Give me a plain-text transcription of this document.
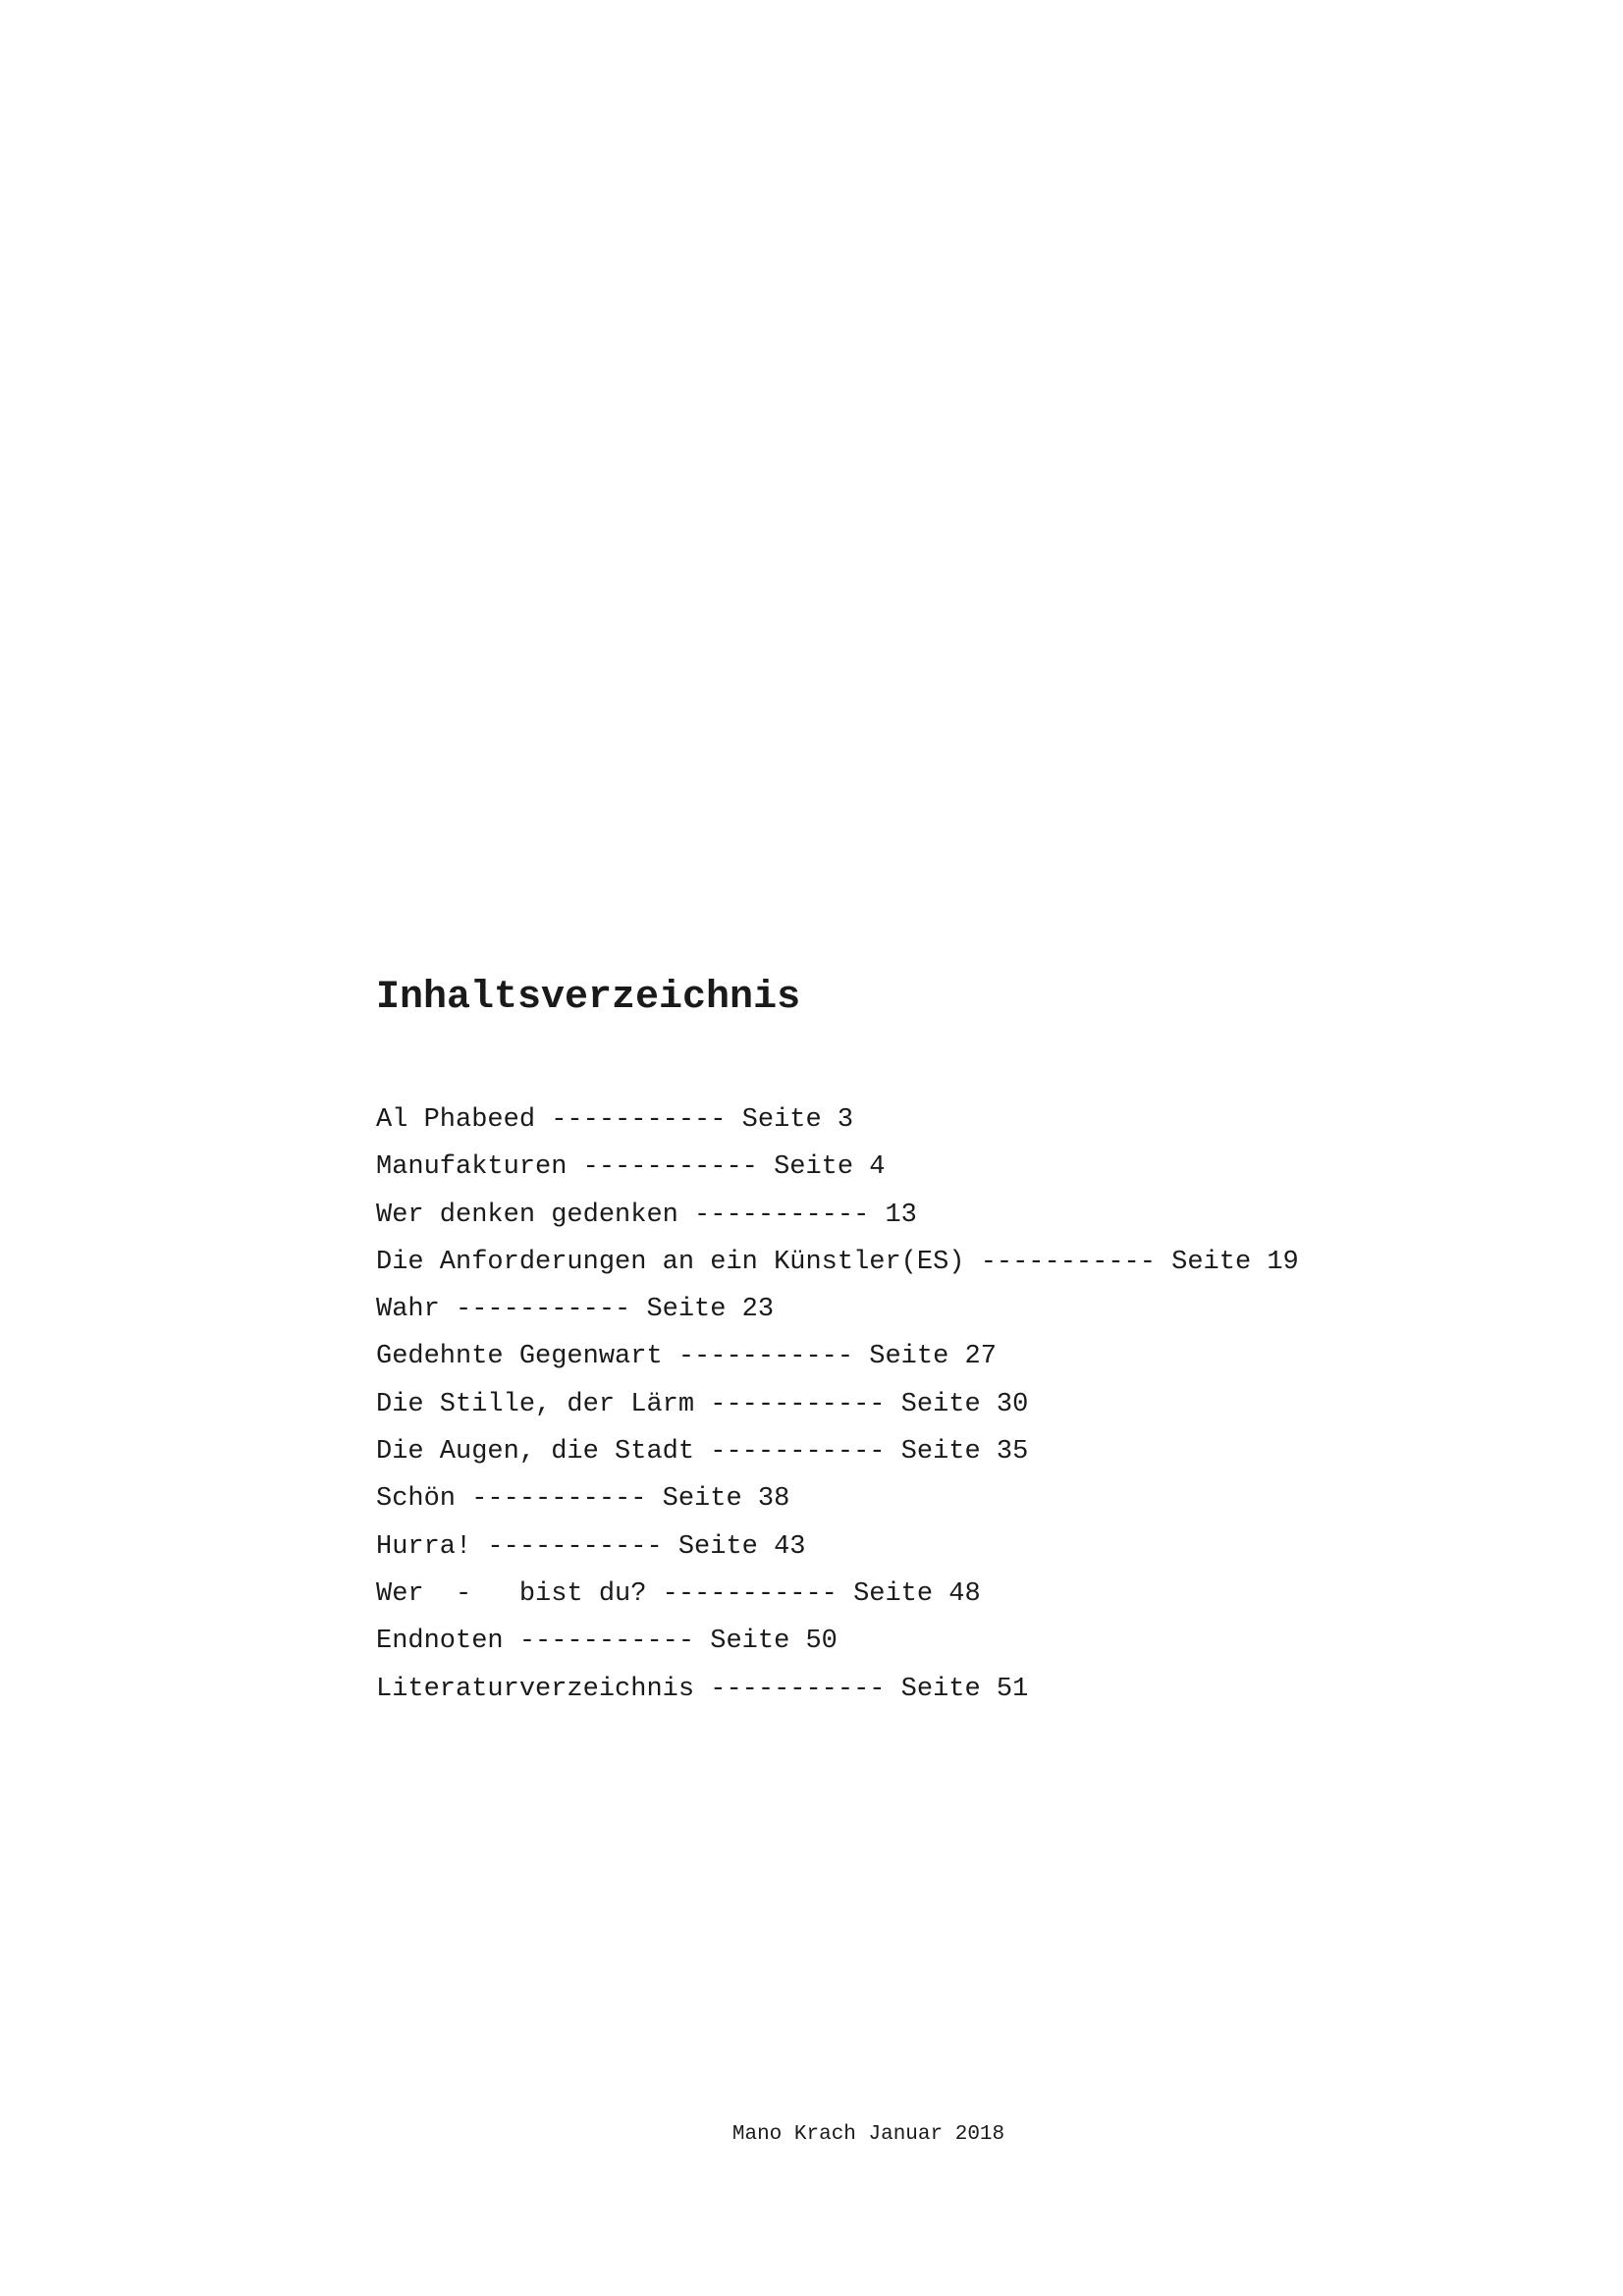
Inhaltsverzeichnis
Al Phabeed ----------- Seite 3
Manufakturen ----------- Seite 4
Wer denken gedenken ----------- 13
Die Anforderungen an ein Künstler(ES) ----------- Seite 19
Wahr ----------- Seite 23
Gedehnte Gegenwart ----------- Seite 27
Die Stille, der Lärm ----------- Seite 30
Die Augen, die Stadt ----------- Seite 35
Schön ----------- Seite 38
Hurra! ----------- Seite 43
Wer  -   bist du? ----------- Seite 48
Endnoten ----------- Seite 50
Literaturverzeichnis ----------- Seite 51
Mano Krach Januar 2018
